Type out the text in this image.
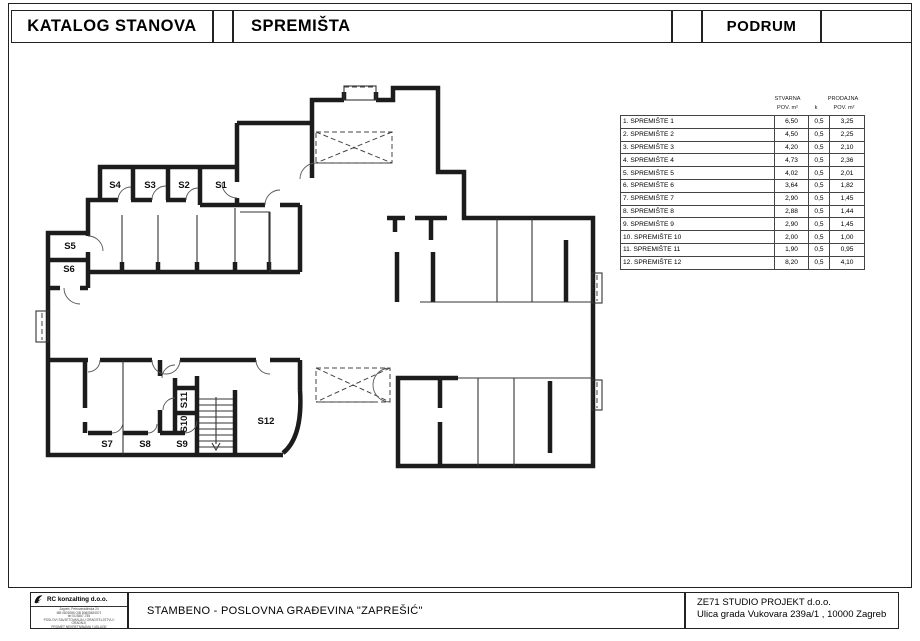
KATALOG STANOVA	SPREMIŠTA	PODRUM
S1
S2
S3
S4
S5
S6
S7	S8	S9
S10
S11
S12
STVARNA
POV. m²	k
PRODAJNA
POV. m²
1. SPREMIŠTE 1	6,50	0,5	3,25
2. SPREMIŠTE 2	4,50	0,5	2,25
3. SPREMIŠTE 3	4,20	0,5	2,10
4. SPREMIŠTE 4	4,73	0,5	2,36
5. SPREMIŠTE 5	4,02	0,5	2,01
6. SPREMIŠTE 6	3,64	0,5	1,82
7. SPREMIŠTE 7	2,90	0,5	1,45
8. SPREMIŠTE 8	2,88	0,5	1,44
9. SPREMIŠTE 9	2,90	0,5	1,45
10. SPREMIŠTE 10	2,00	0,5	1,00
11. SPREMIŠTE 11	1,90	0,5	0,95
12. SPREMIŠTE 12	8,20	0,5	4,10
RC konzalting d.o.o.
Zagreb, Petrovaradinska 24
MB 0803085 OIB 80605820571
tel 01/3667-755
POSLOVI SAVJETOVANJA U GRADITELJSTVU I
GRADNJI,
PROMET NEKRETNINAMA I USLUGE
STAMBENO - POSLOVNA GRAĐEVINA "ZAPREŠIĆ"
ZE71 STUDIO PROJEKT d.o.o.
Ulica grada Vukovara 239a/1 , 10000 Zagreb
